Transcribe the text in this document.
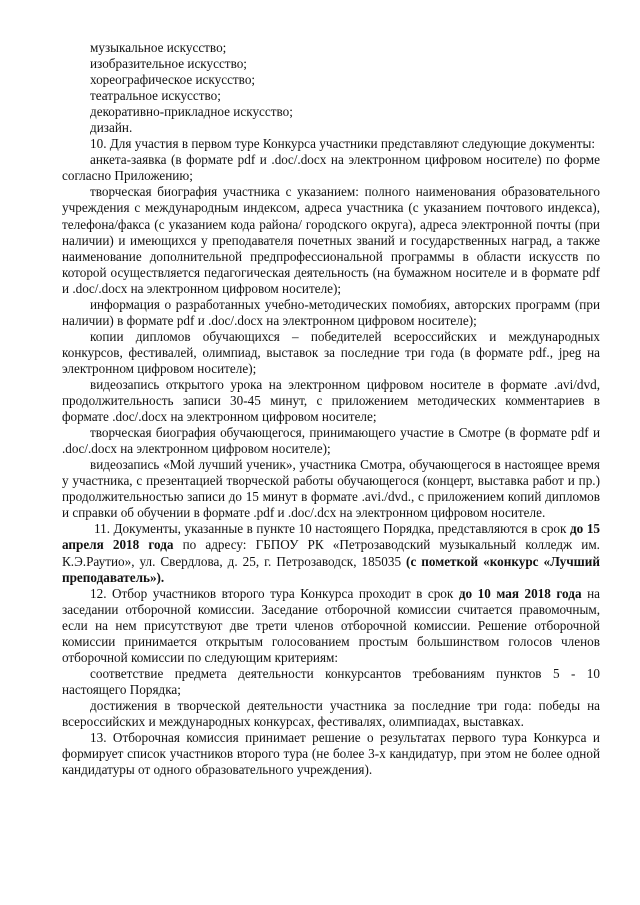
музыкальное искусство;

изобразительное искусство;

хореографическое искусство;

театральное искусство;

декоративно-прикладное искусство;

дизайн.

10. Для участия в первом туре Конкурса участники представляют следующие документы:

анкета-заявка (в формате pdf и .doc/.docx на электронном цифровом носителе) по форме согласно Приложению;

творческая биография участника с указанием: полного наименования образовательного учреждения с международным индексом, адреса участника (с указанием почтового индекса), телефона/факса (с указанием кода района/ городского округа), адреса электронной почты (при наличии) и имеющихся у преподавателя почетных званий и государственных наград, а также наименование дополнительной предпрофессиональной программы в области искусств по которой осуществляется педагогическая деятельность (на бумажном носителе и в формате pdf и .doc/.docx на электронном цифровом носителе);

информация о разработанных учебно-методических помобиях, авторских программ (при наличии) в формате pdf и .doc/.docx на электронном цифровом носителе);

копии дипломов обучающихся – победителей всероссийских и международных конкурсов, фестивалей, олимпиад, выставок за последние три года (в формате pdf., jpeg на электронном цифровом носителе);

видеозапись открытого урока на электронном цифровом носителе в формате .avi/dvd, продолжительность записи 30-45 минут, с приложением методических комментариев в формате .doc/.docx на электронном цифровом носителе;

творческая биография обучающегося, принимающего участие в Смотре (в формате pdf и .doc/.docx на электронном цифровом носителе);

видеозапись «Мой лучший ученик», участника Смотра, обучающегося в настоящее время у участника, с презентацией творческой работы обучающегося (концерт, выставка работ и пр.) продолжительностью записи до 15 минут в формате .avi./dvd., с приложением копий дипломов и справки об обучении в формате .pdf и .doc/.dcx на электронном цифровом носителе.

11. Документы, указанные в пункте 10 настоящего Порядка, представляются в срок до 15 апреля 2018 года по адресу: ГБПОУ РК «Петрозаводский музыкальный колледж им. К.Э.Раутио», ул. Свердлова, д. 25, г. Петрозаводск, 185035 (с пометкой «конкурс «Лучший преподаватель»).

12. Отбор участников второго тура Конкурса проходит в срок до 10 мая 2018 года на заседании отборочной комиссии. Заседание отборочной комиссии считается правомочным, если на нем присутствуют две трети членов отборочной комиссии. Решение отборочной комиссии принимается открытым голосованием простым большинством голосов членов отборочной комиссии по следующим критериям:

соответствие предмета деятельности конкурсантов требованиям пунктов 5 - 10 настоящего Порядка;

достижения в творческой деятельности участника за последние три года: победы на всероссийских и международных конкурсах, фестивалях, олимпиадах, выставках.

13. Отборочная комиссия принимает решение о результатах первого тура Конкурса и формирует список участников второго тура (не более 3-х кандидатур, при этом не более одной кандидатуры от одного образовательного учреждения).
